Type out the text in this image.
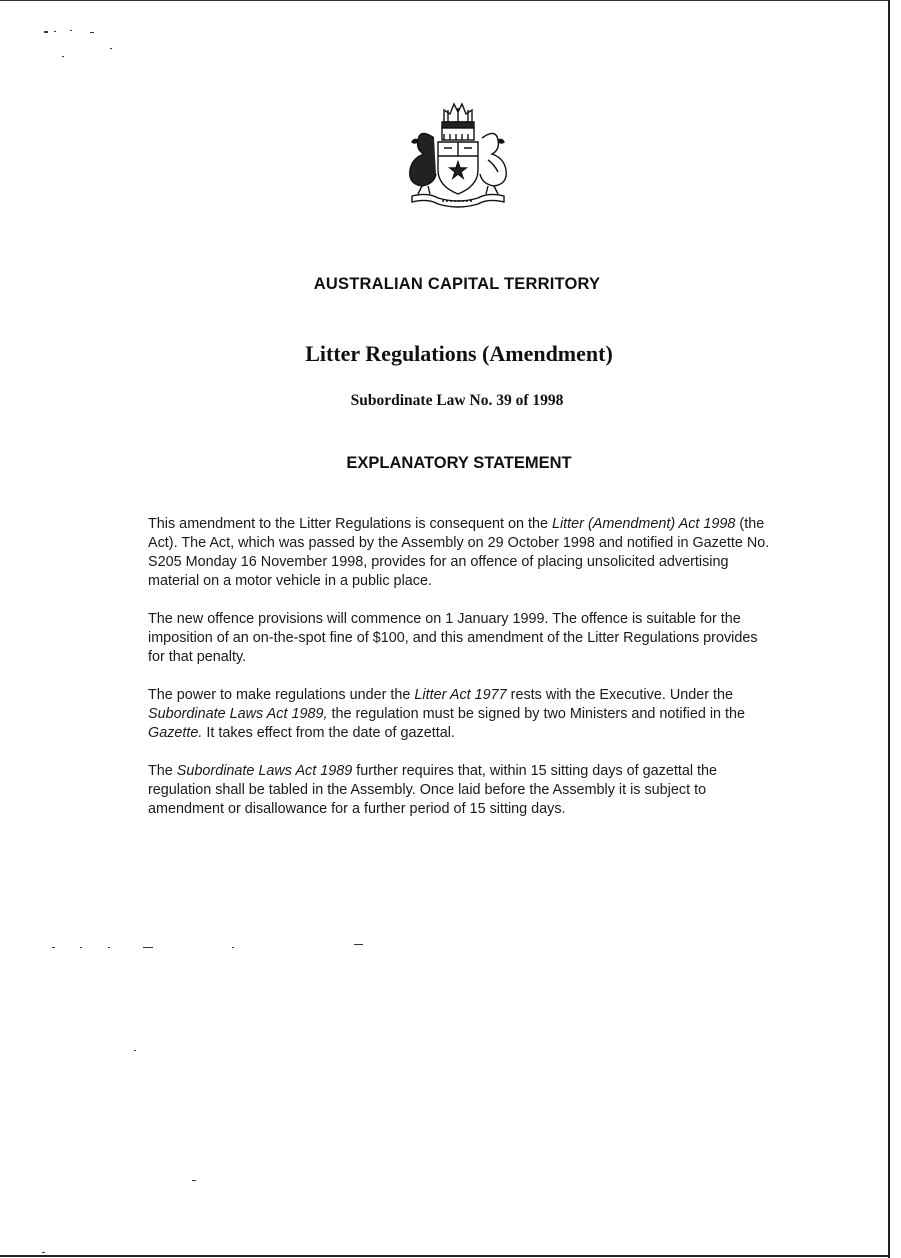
AUSTRALIAN CAPITAL TERRITORY
Litter Regulations (Amendment)
Subordinate Law No. 39 of 1998
EXPLANATORY STATEMENT

This amendment to the Litter Regulations is consequent on the Litter (Amendment) Act 1998 (the Act). The Act, which was passed by the Assembly on 29 October 1998 and notified in Gazette No. S205 Monday 16 November 1998, provides for an offence of placing unsolicited advertising material on a motor vehicle in a public place.

The new offence provisions will commence on 1 January 1999. The offence is suitable for the imposition of an on-the-spot fine of $100, and this amendment of the Litter Regulations provides for that penalty.

The power to make regulations under the Litter Act 1977 rests with the Executive. Under the Subordinate Laws Act 1989, the regulation must be signed by two Ministers and notified in the Gazette. It takes effect from the date of gazettal.

The Subordinate Laws Act 1989 further requires that, within 15 sitting days of gazettal the regulation shall be tabled in the Assembly. Once laid before the Assembly it is subject to amendment or disallowance for a further period of 15 sitting days.
